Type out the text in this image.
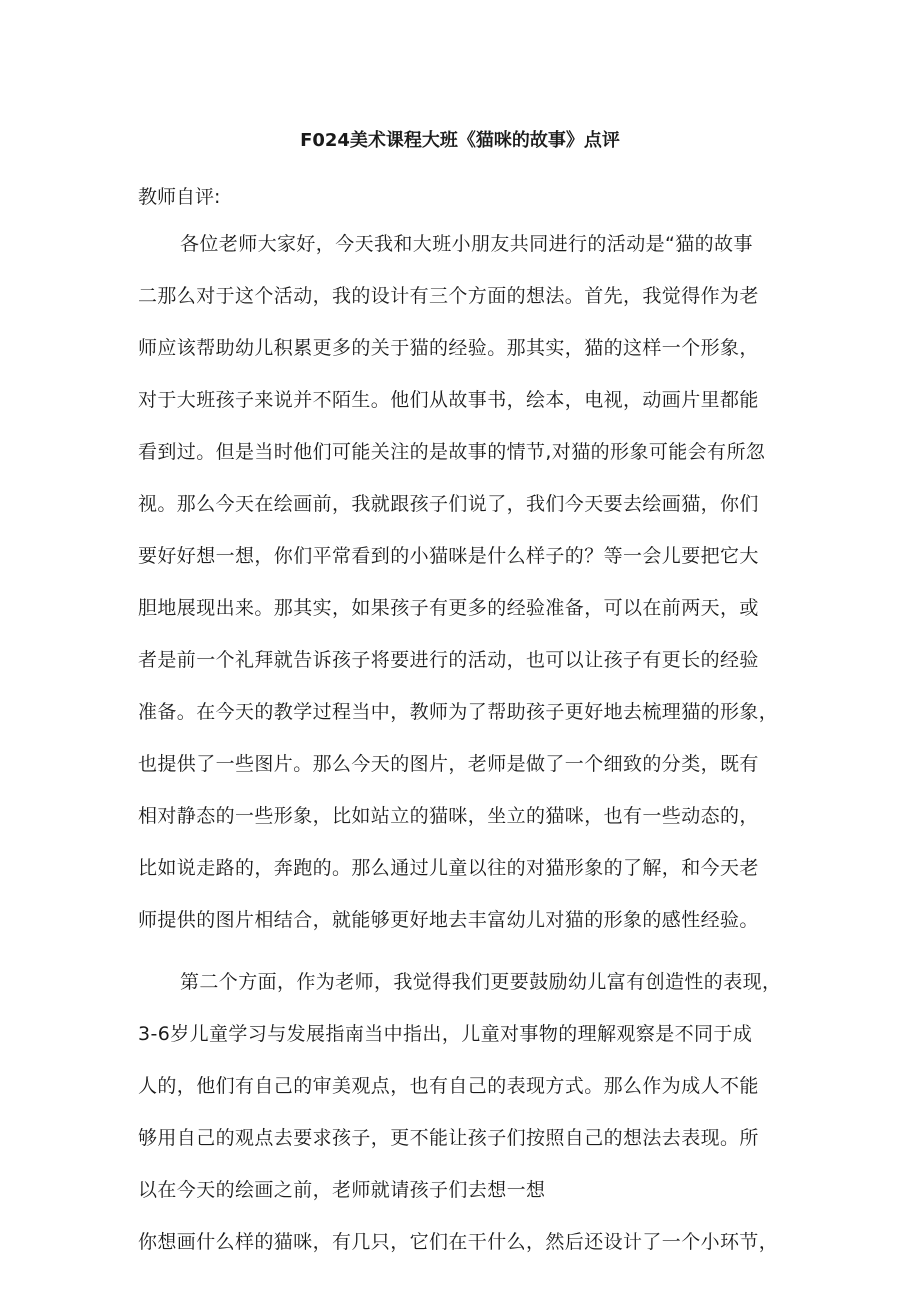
F024美术课程大班《猫咪的故事》点评
教师自评:
各位老师大家好，今天我和大班小朋友共同进行的活动是“猫的故事
二那么对于这个活动，我的设计有三个方面的想法。首先，我觉得作为老
师应该帮助幼儿积累更多的关于猫的经验。那其实，猫的这样一个形象，
对于大班孩子来说并不陌生。他们从故事书，绘本，电视，动画片里都能
看到过。但是当时他们可能关注的是故事的情节,对猫的形象可能会有所忽
视。那么今天在绘画前，我就跟孩子们说了，我们今天要去绘画猫，你们
要好好想一想，你们平常看到的小猫咪是什么样子的？等一会儿要把它大
胆地展现出来。那其实，如果孩子有更多的经验准备，可以在前两天，或
者是前一个礼拜就告诉孩子将要进行的活动，也可以让孩子有更长的经验
准备。在今天的教学过程当中，教师为了帮助孩子更好地去梳理猫的形象，
也提供了一些图片。那么今天的图片，老师是做了一个细致的分类，既有
相对静态的一些形象，比如站立的猫咪，坐立的猫咪，也有一些动态的，
比如说走路的，奔跑的。那么通过儿童以往的对猫形象的了解，和今天老
师提供的图片相结合，就能够更好地去丰富幼儿对猫的形象的感性经验。
第二个方面，作为老师，我觉得我们更要鼓励幼儿富有创造性的表现，
3-6岁儿童学习与发展指南当中指出，儿童对事物的理解观察是不同于成
人的，他们有自己的审美观点，也有自己的表现方式。那么作为成人不能
够用自己的观点去要求孩子，更不能让孩子们按照自己的想法去表现。所
以在今天的绘画之前，老师就请孩子们去想一想
你想画什么样的猫咪，有几只，它们在干什么，然后还设计了一个小环节，
